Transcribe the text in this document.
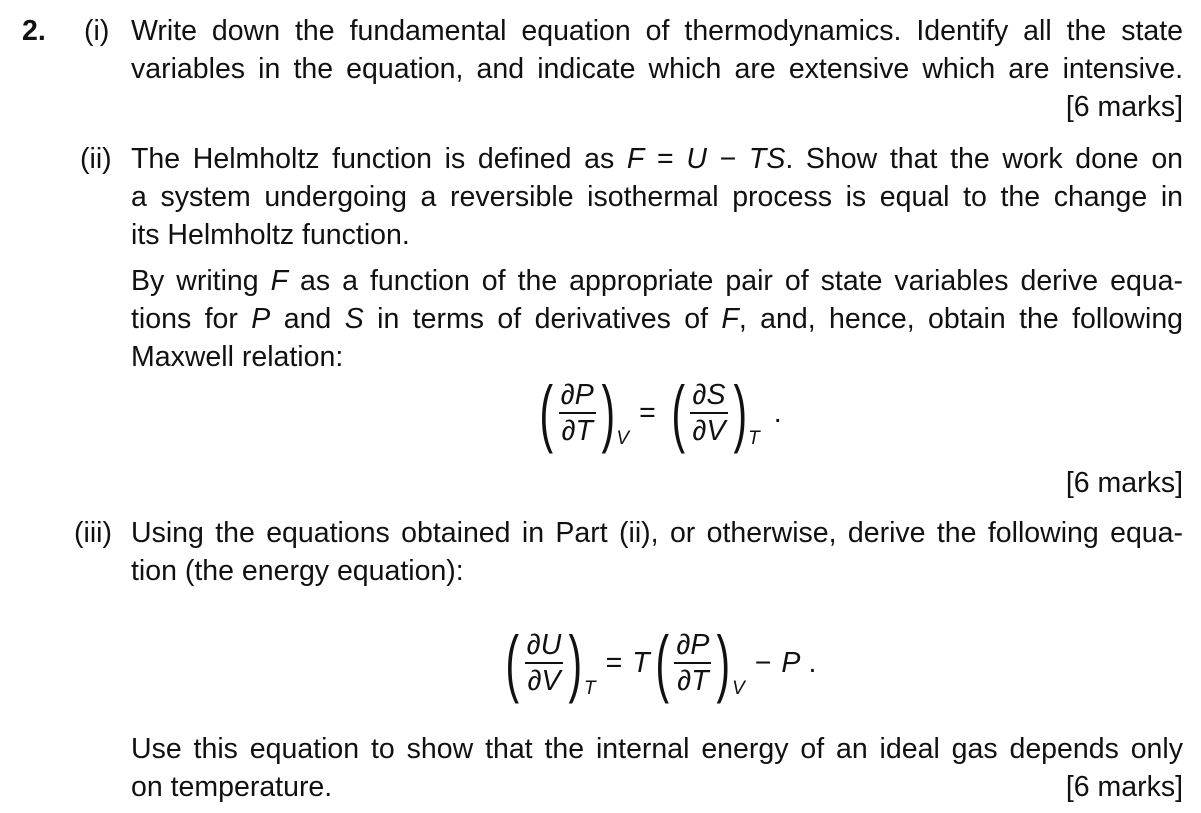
2. (i) Write down the fundamental equation of thermodynamics. Identify all the state
variables in the equation, and indicate which are extensive which are intensive.
[6 marks]
(ii) The Helmholtz function is defined as F = U − TS. Show that the work done on
a system undergoing a reversible isothermal process is equal to the change in
its Helmholtz function.
By writing F as a function of the appropriate pair of state variables derive equa-
tions for P and S in terms of derivatives of F, and, hence, obtain the following
Maxwell relation:
( $\frac{\partial P}{\partial T}$ ) V
= ( $\frac{\partial S}{\partial V}$ ) T
.
[6 marks]
(iii) Using the equations obtained in Part (ii), or otherwise, derive the following equa-
tion (the energy equation):
( $\frac{\partial U}{\partial V}$ ) T
= T ( $\frac{\partial P}{\partial T}$ ) V
− P .
Use this equation to show that the internal energy of an ideal gas depends only
on temperature.	[6 marks]
